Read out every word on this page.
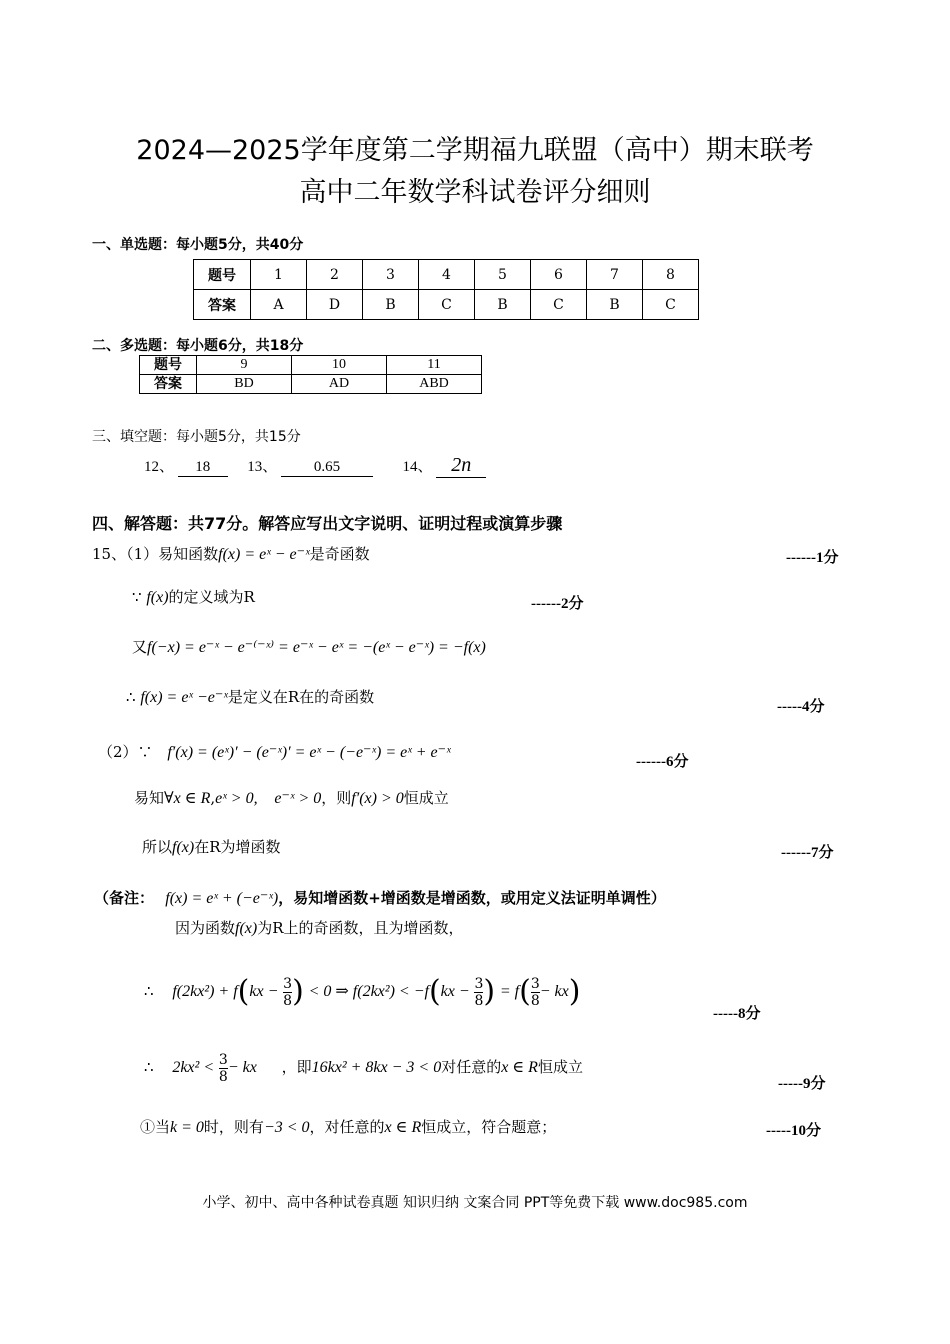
2024—2025学年度第二学期福九联盟（高中）期末联考
高中二年数学科试卷评分细则
一、单选题：每小题5分，共40分
题号	1	2	3	4	5	6	7	8
答案	A	D	B	C	B	C	B	C
二、多选题：每小题6分，共18分
题号	9	10	11
答案	BD	AD	ABD
三、填空题：每小题5分，共15分
12、 18 13、 0.65	14、 2n
四、解答题：共77分。解答应写出文字说明、证明过程或演算步骤
15、（1）易知函数f(x) = eˣ − e⁻ˣ是奇函数	------1分
∵ f(x)的定义域为R	------2分
又f(−x) = e⁻ˣ − e⁻⁽⁻ˣ⁾ = e⁻ˣ − eˣ = −(eˣ − e⁻ˣ) = −f(x)
∴ f(x) = eˣ −e⁻ˣ是定义在R在的奇函数
-----4分
（2）∵ f′(x) = (eˣ)′ − (e⁻ˣ)′ = eˣ − (−e⁻ˣ) = eˣ + e⁻ˣ
------6分
易知∀x ∈ R,eˣ > 0, e⁻ˣ > 0，则f′(x) > 0恒成立
所以f(x)在R为增函数	------7分
（备注： f(x) = eˣ + (−e⁻ˣ)，易知增函数+增函数是增函数，或用定义法证明单调性）
因为函数f(x)为R上的奇函数，且为增函数，
∴ $f(2kx^2) + f(kx - \frac{3}{8}$ ) < 0 ⇒ $f(2kx^2) < -f(kx - \frac{3}{8}$ ) = $f( \frac{3}{8} - kx)$
-----8分
∴ $2kx^2 < \frac{3}{8}$ − kx ，即16kx² + 8kx − 3 < 0对任意的x ∈ R恒成立
-----9分
①当k = 0时，则有−3 < 0，对任意的x ∈ R恒成立，符合题意；	-----10分
小学、初中、高中各种试卷真题 知识归纳 文案合同 PPT等免费下载 www.doc985.com
